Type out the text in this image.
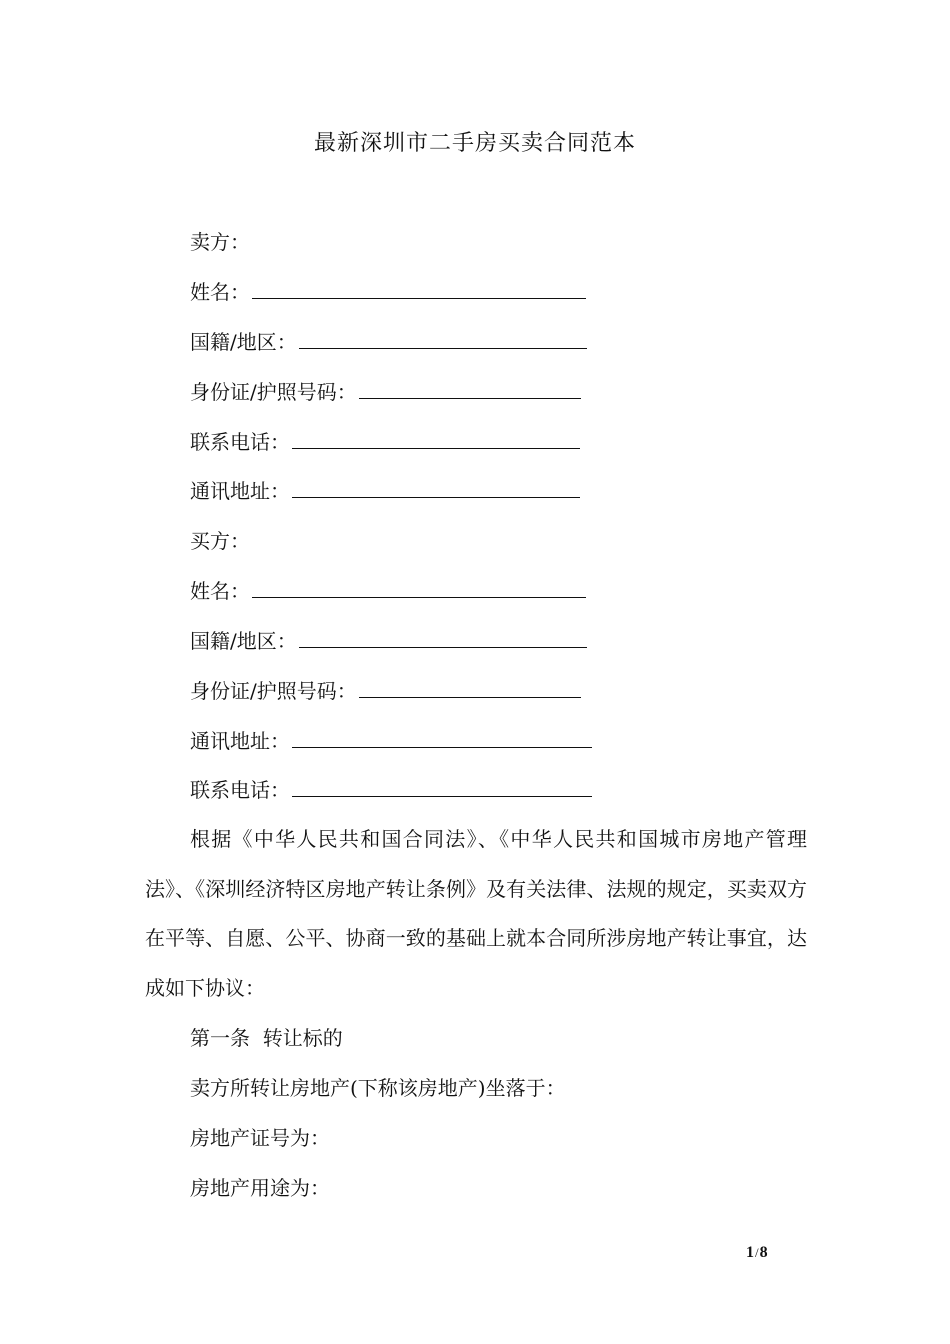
最新深圳市二手房买卖合同范本
卖方：
姓名：
国籍/地区：
身份证/护照号码：
联系电话：
通讯地址：
买方：
姓名：
国籍/地区：
身份证/护照号码：
通讯地址：
联系电话：
根据《中华人民共和国合同法》、《中华人民共和国城市房地产管理法》、《深圳经济特区房地产转让条例》及有关法律、法规的规定，买卖双方在平等、自愿、公平、协商一致的基础上就本合同所涉房地产转让事宜，达成如下协议：
第一条  转让标的
卖方所转让房地产(下称该房地产)坐落于：
房地产证号为：
房地产用途为：
1/8
